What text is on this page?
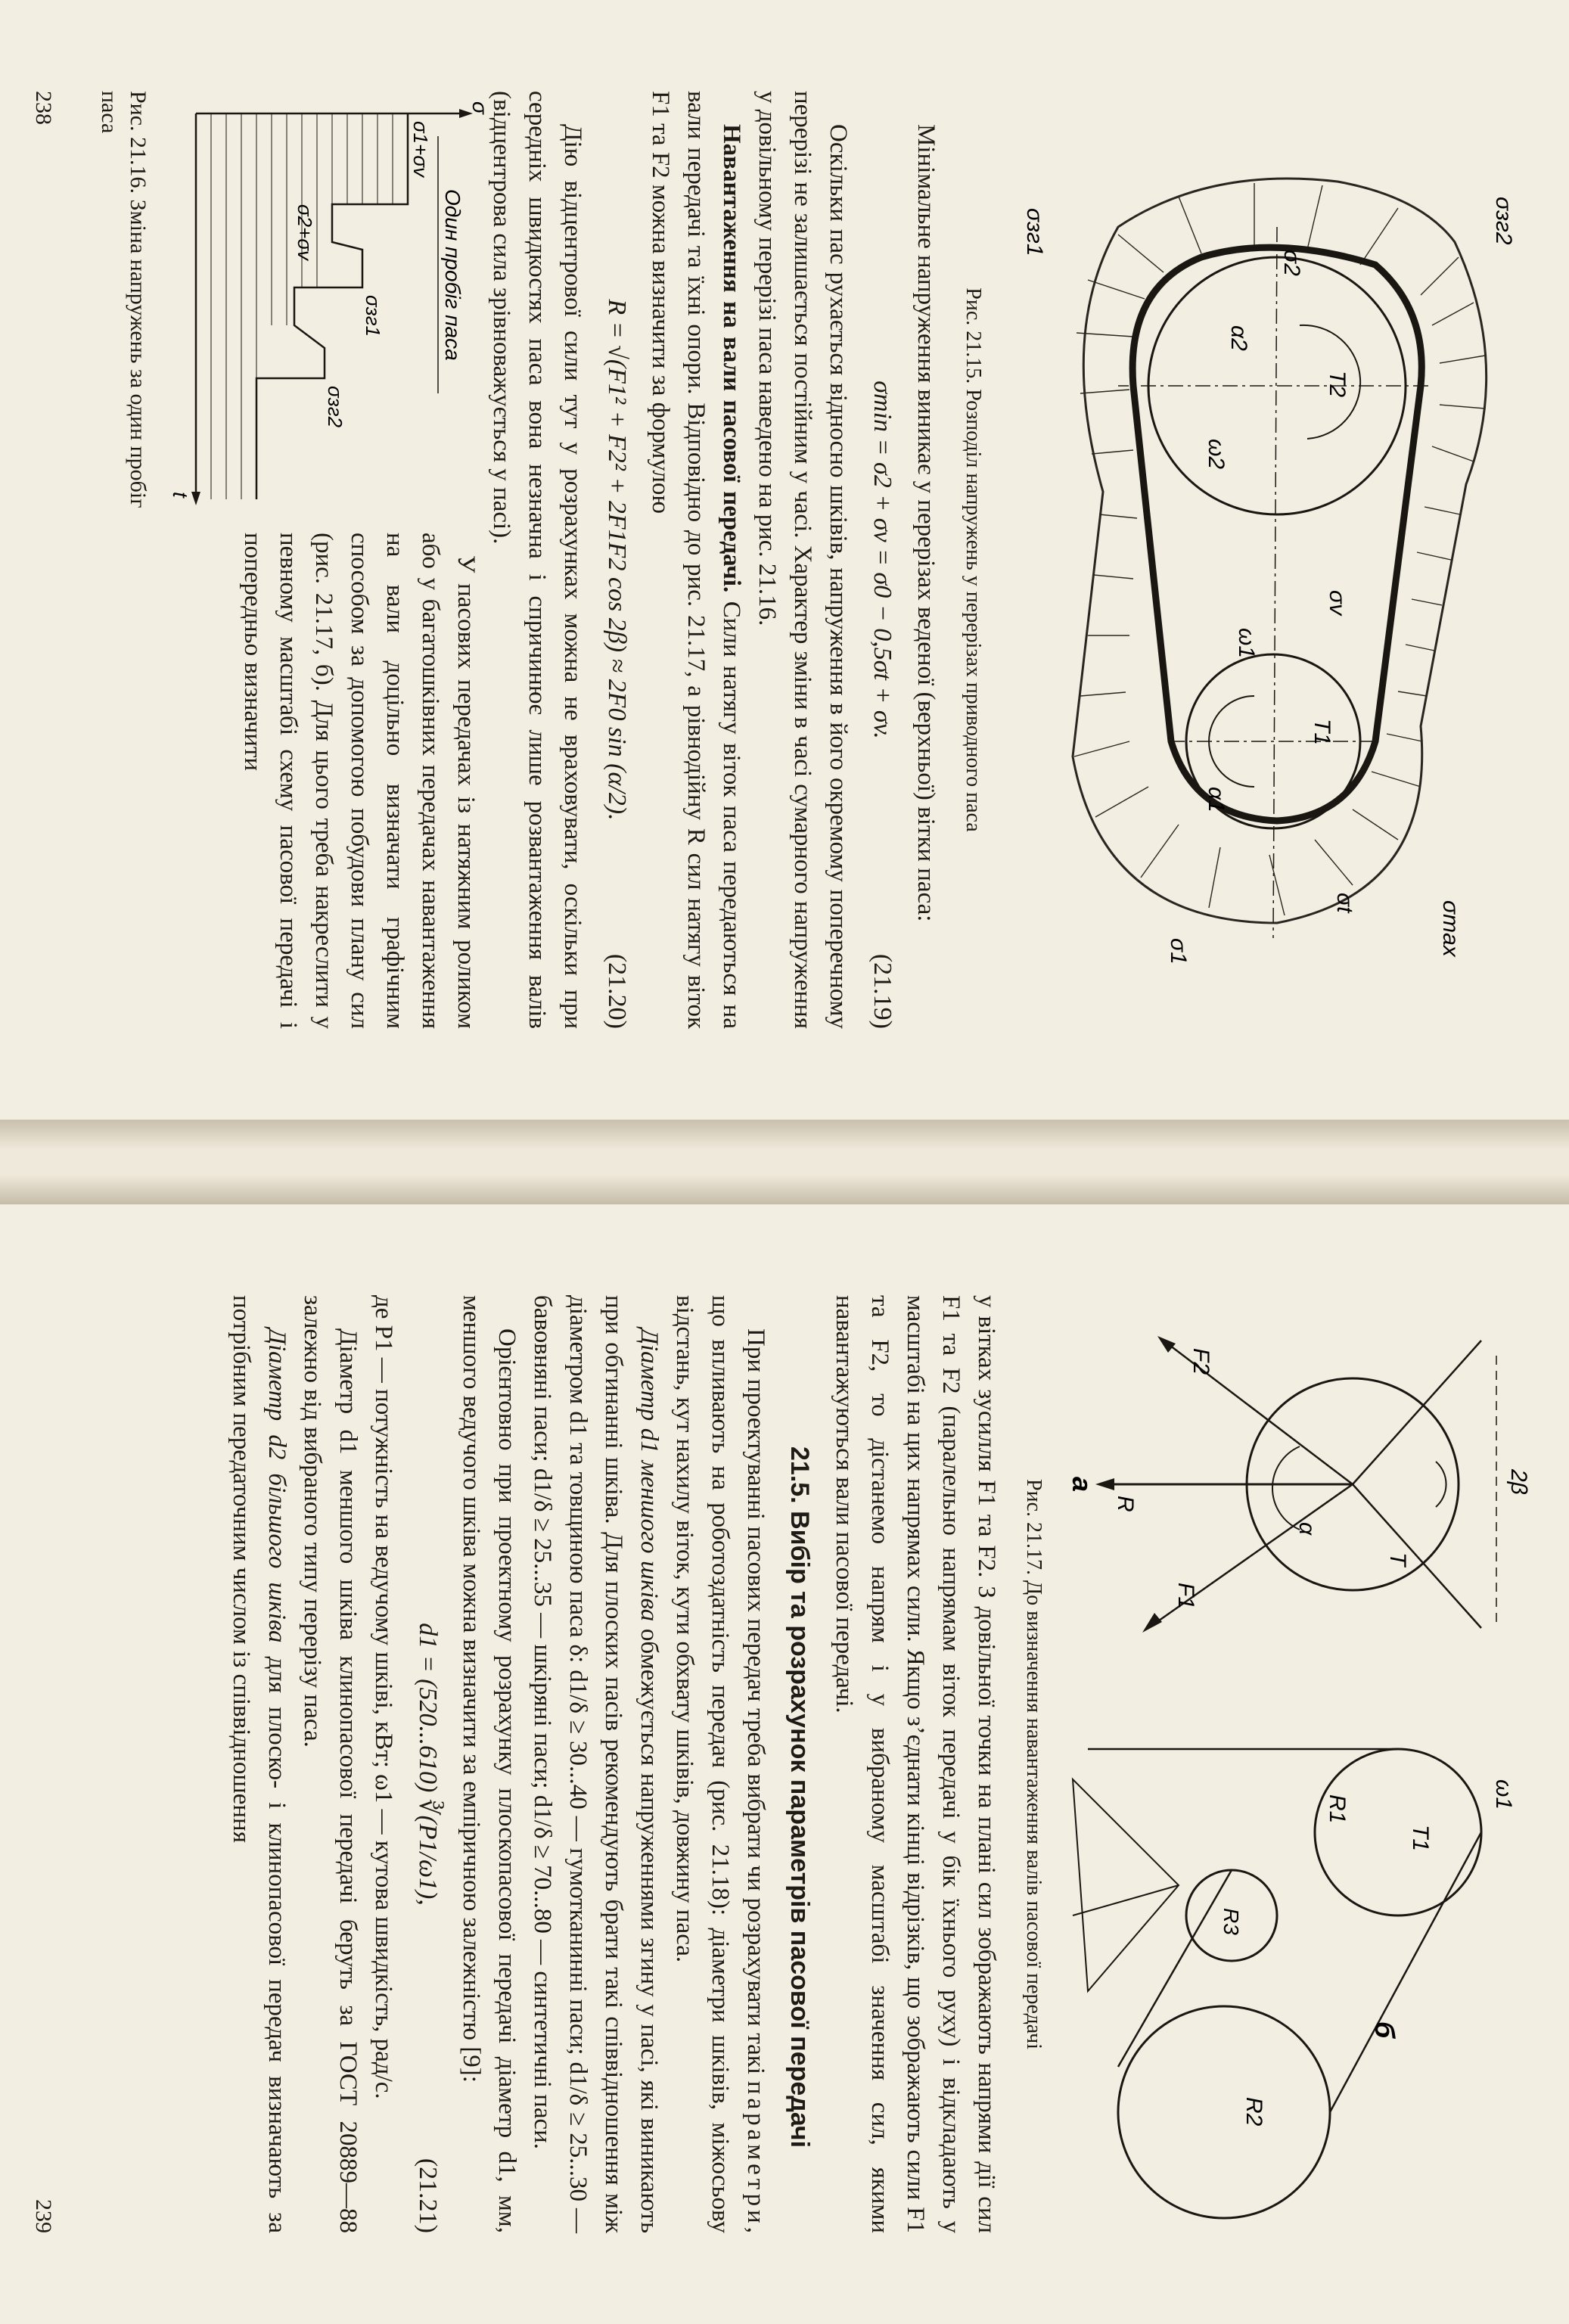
σзг1
σmax
σзг2
σ1
σ2
σt
σv
ω1
ω2
T1
T2
α1
α2
Рис. 21.15. Розподіл напружень у перерізах приводного паса

Мінімальне напруження виникає у перерізах веденої (верхньої) вітки паса:

σmin = σ2 + σv = σ0 − 0,5σt + σv.
(21.19)

Оскільки пас рухається відносно шківів, напруження в його окремому поперечному перерізі не залишається постійним у часі. Характер зміни в часі сумарного напруження у довільному перерізі паса наведено на рис. 21.16.

Навантаження на вали пасової передачі. Сили натягу віток паса передаються на вали передачі та їхні опори. Відповідно до рис. 21.17, а рівнодійну R сил натягу віток F1 та F2 можна визначити за формулою

R = √(F1² + F2² + 2F1F2 cos 2β) ≈ 2F0 sin (α/2).
(21.20)

Дію відцентрової сили тут у розрахунках можна не враховувати, оскільки при середніх швидкостях паса вона незначна і спричинює лише розвантаження валів (відцентрова сила зрівноважується у пасі).

σ
t
Один пробіг паса
σ1+σv
σзг1
σ2+σv
σзг2
Рис. 21.16. Зміна напружень за один пробіг паса

У пасових передачах із натяжним роликом або у багатошківних передачах навантаження на вали доцільно визначати графічним способом за допомогою побудови плану сил (рис. 21.17, б). Для цього треба накреслити у певному масштабі схему пасової передачі і попередньо визначити

238
2β
α
F2
F1
R
T
а
ω1
T1
R1
R3
R2
б
Рис. 21.17. До визначення навантаження валів пасової передачі

у вітках зусилля F1 та F2. З довільної точки на плані сил зображають напрями дії сил F1 та F2 (паралельно напрямам віток передачі у бік їхнього руху) і відкладають у масштабі на цих напрямах сили. Якщо з’єднати кінці відрізків, що зображають сили F1 та F2, то дістанемо напрям і у вибраному масштабі значення сил, якими навантажуються вали пасової передачі.

21.5. Вибір та розрахунок параметрів пасової передачі

При проектуванні пасових передач треба вибрати чи розрахувати такі параметри, що впливають на роботоздатність передач (рис. 21.18): діаметри шківів, міжосьову відстань, кут нахилу віток, кути обхвату шківів, довжину паса.

Діаметр d1 меншого шківа обмежується напруженнями згину у пасі, які виникають при обгинанні шківа. Для плоских пасів рекомендують брати такі співвідношення між діаметром d1 та товщиною паса δ: d1/δ ≥ 30...40 — гумотканинні паси; d1/δ ≥ 25...30 — бавовняні паси; d1/δ ≥ 25...35 — шкіряні паси; d1/δ ≥ 70...80 — синтетичні паси.

Орієнтовно при проектному розрахунку плоскопасової передачі діаметр d1, мм, меншого ведучого шківа можна визначити за емпіричною залежністю [9]:

d1 = (520...610) ∛(P1/ω1),
(21.21)

де P1 — потужність на ведучому шківі, кВт; ω1 — кутова швидкість, рад/с.

Діаметр d1 меншого шківа клинопасової передачі беруть за ГОСТ 20889—88 залежно від вибраного типу перерізу паса.

Діаметр d2 більшого шківа для плоско- і клинопасової передач визначають за потрібним передаточним числом із співвідношення

239
